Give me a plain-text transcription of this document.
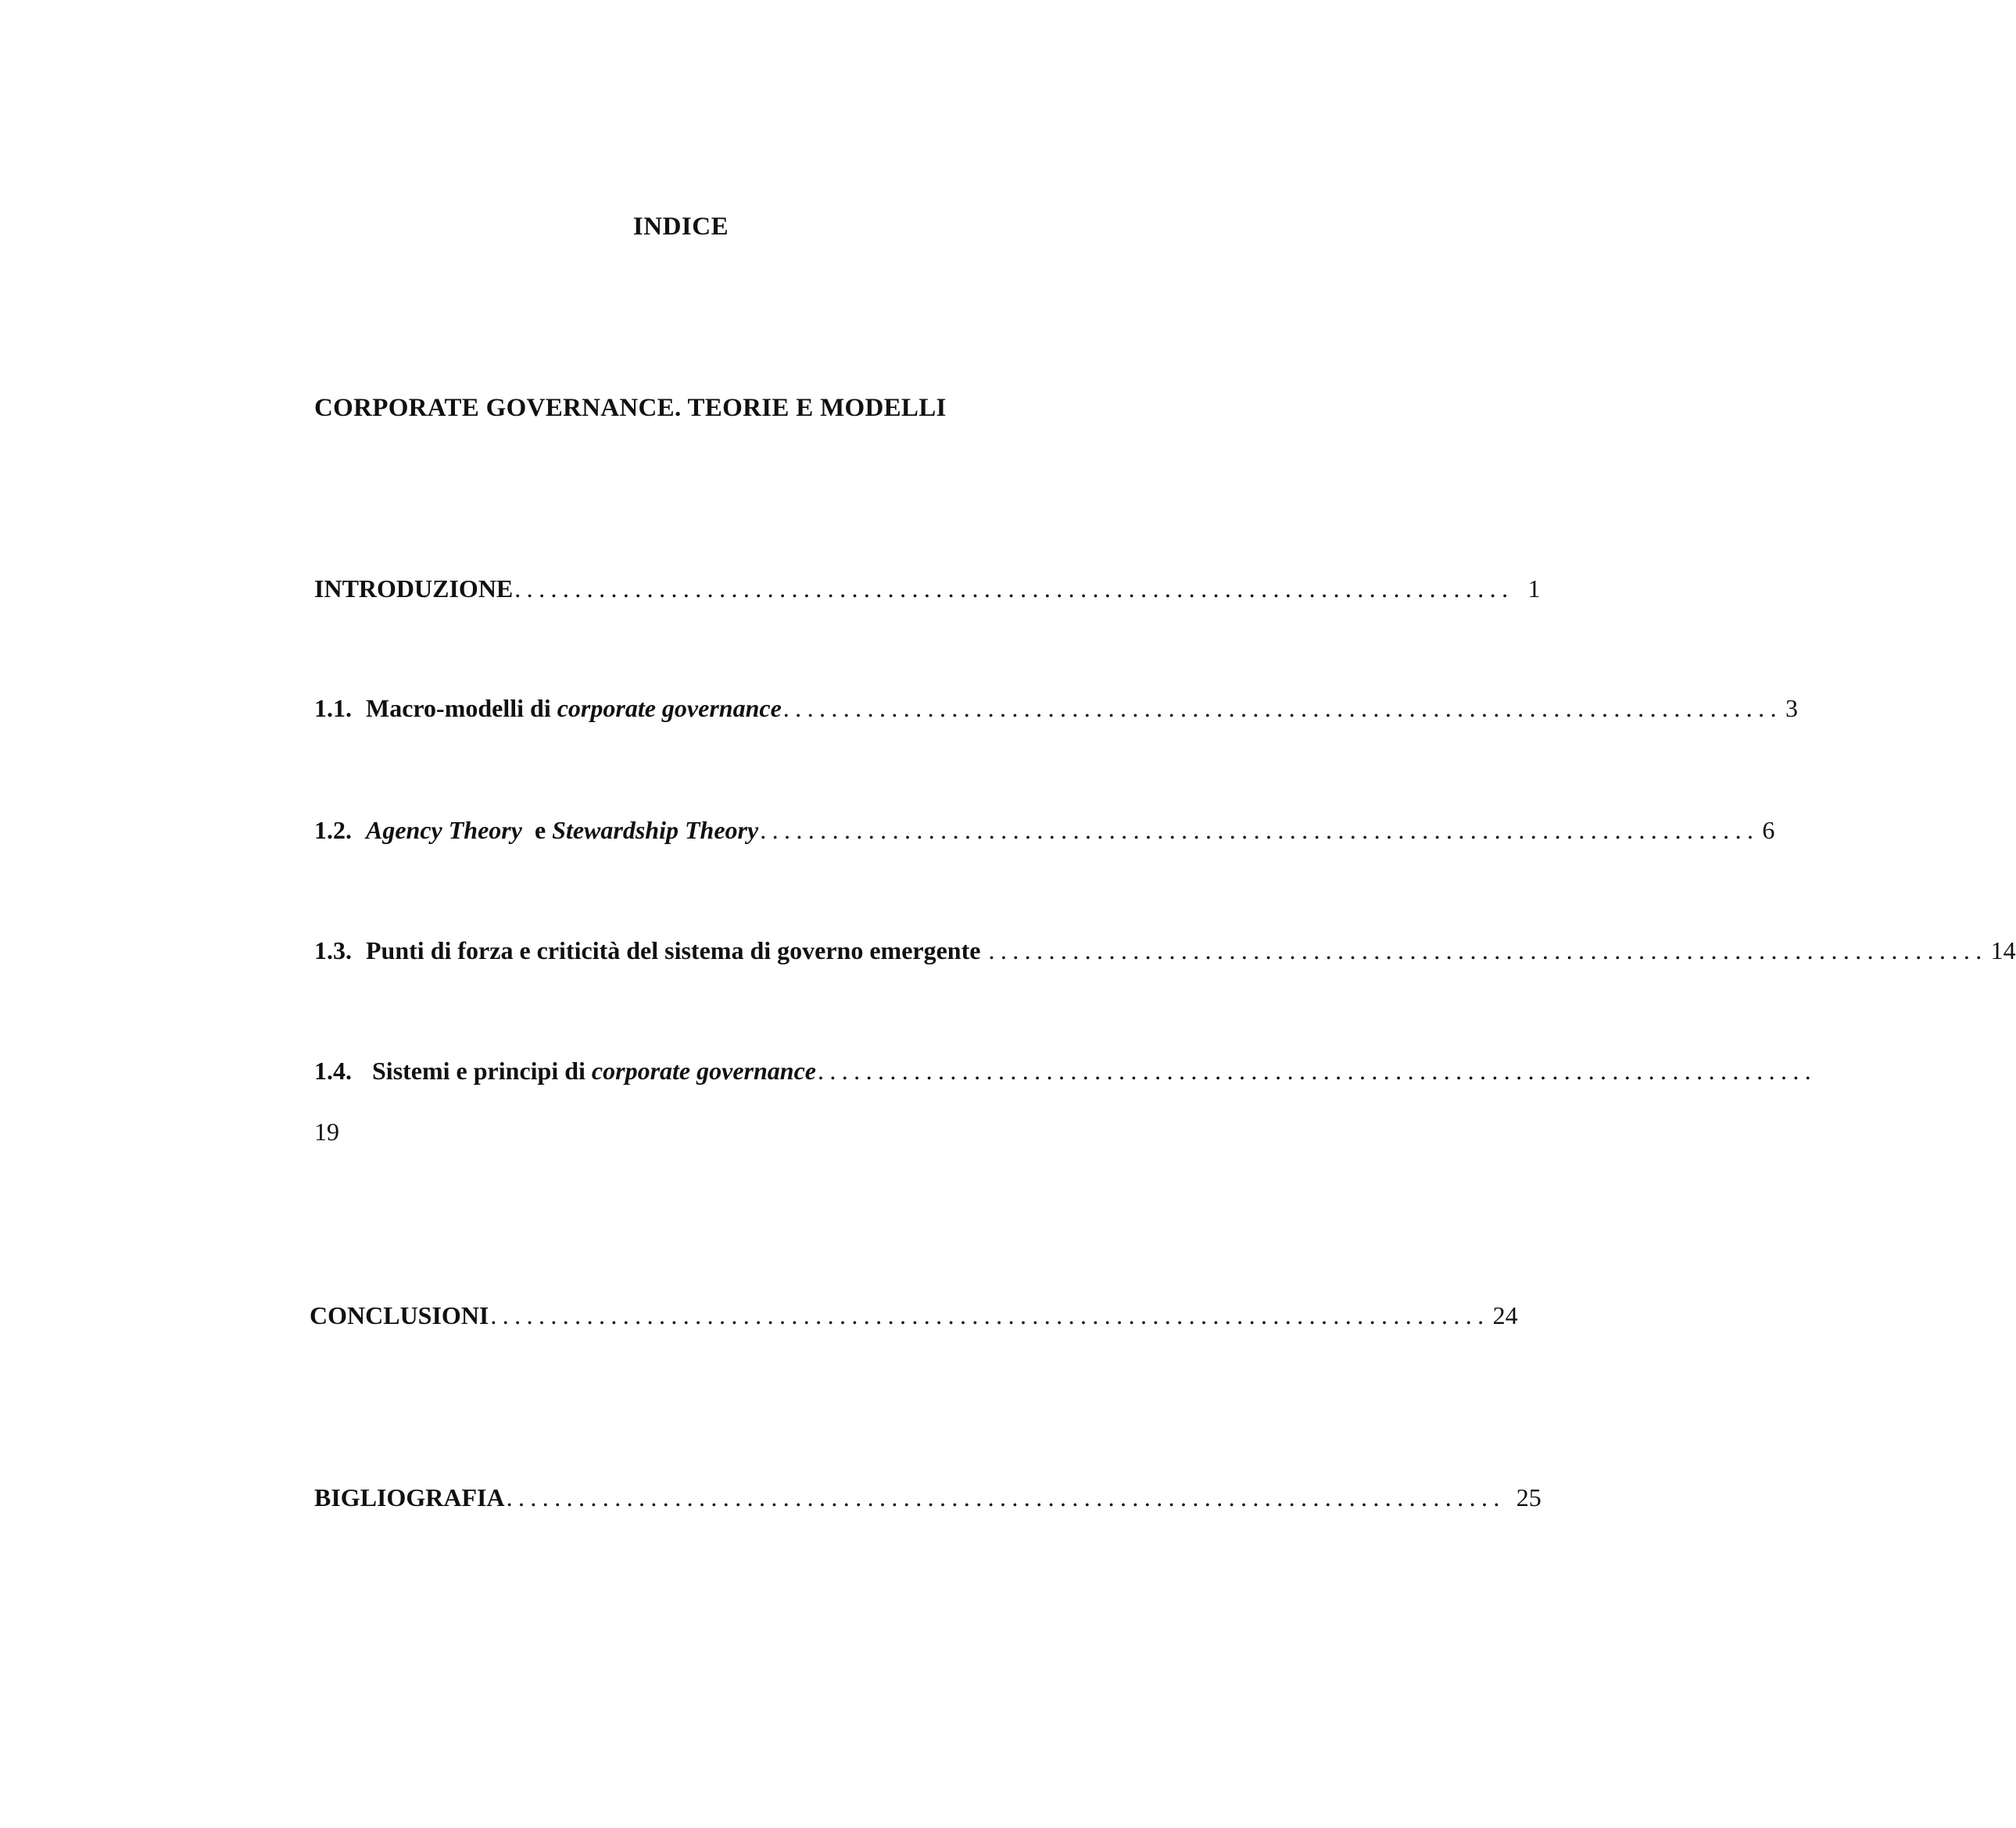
INDICE
CORPORATE GOVERNANCE. TEORIE E MODELLI
INTRODUZIONE ................................................................................... 1
1.1. Macro-modelli di corporate governance ................................................................................... 3
1.2. Agency Theory  e Stewardship Theory ................................................................................... 6
1.3. Punti di forza e criticità del sistema di governo emergente ................................................................................... 14
1.4. Sistemi e principi di corporate governance ...................................................................................
19
CONCLUSIONI ................................................................................... 24
BIGLIOGRAFIA ................................................................................... 25
